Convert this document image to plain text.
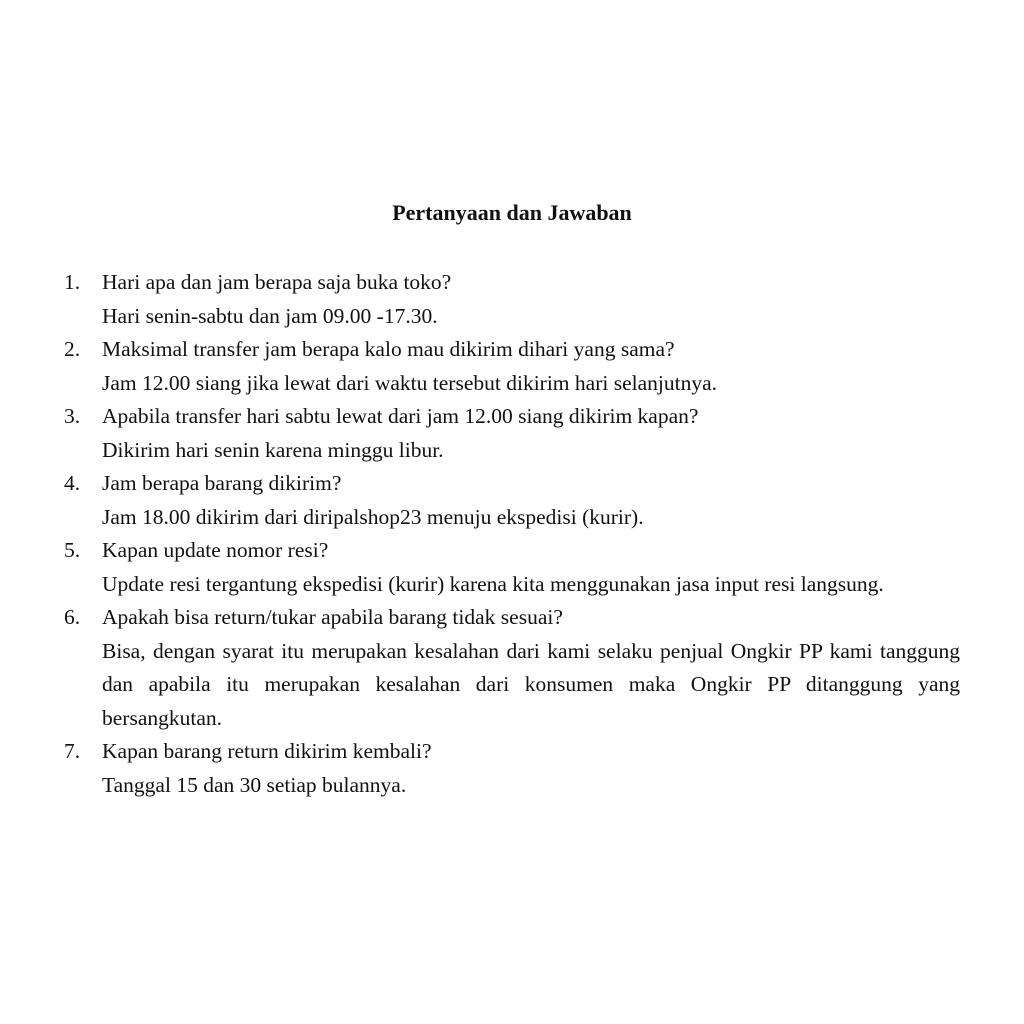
Pertanyaan dan Jawaban
1.	Hari apa dan jam berapa saja buka toko?
Hari senin-sabtu dan jam 09.00 -17.30.
2.	Maksimal transfer jam berapa kalo mau dikirim dihari yang sama?
Jam 12.00 siang jika lewat dari waktu tersebut dikirim hari selanjutnya.
3.	Apabila transfer hari sabtu lewat dari jam 12.00 siang dikirim kapan?
Dikirim hari senin karena minggu libur.
4.	Jam berapa barang dikirim?
Jam 18.00 dikirim dari diripalshop23 menuju ekspedisi (kurir).
5.	Kapan update nomor resi?
Update resi tergantung ekspedisi (kurir) karena kita menggunakan jasa input resi langsung.
6.	Apakah bisa return/tukar apabila barang tidak sesuai?
Bisa, dengan syarat itu merupakan kesalahan dari kami selaku penjual Ongkir PP kami tanggung dan apabila itu merupakan kesalahan dari konsumen maka Ongkir PP ditanggung yang bersangkutan.
7.	Kapan barang return dikirim kembali?
Tanggal 15 dan 30 setiap bulannya.
